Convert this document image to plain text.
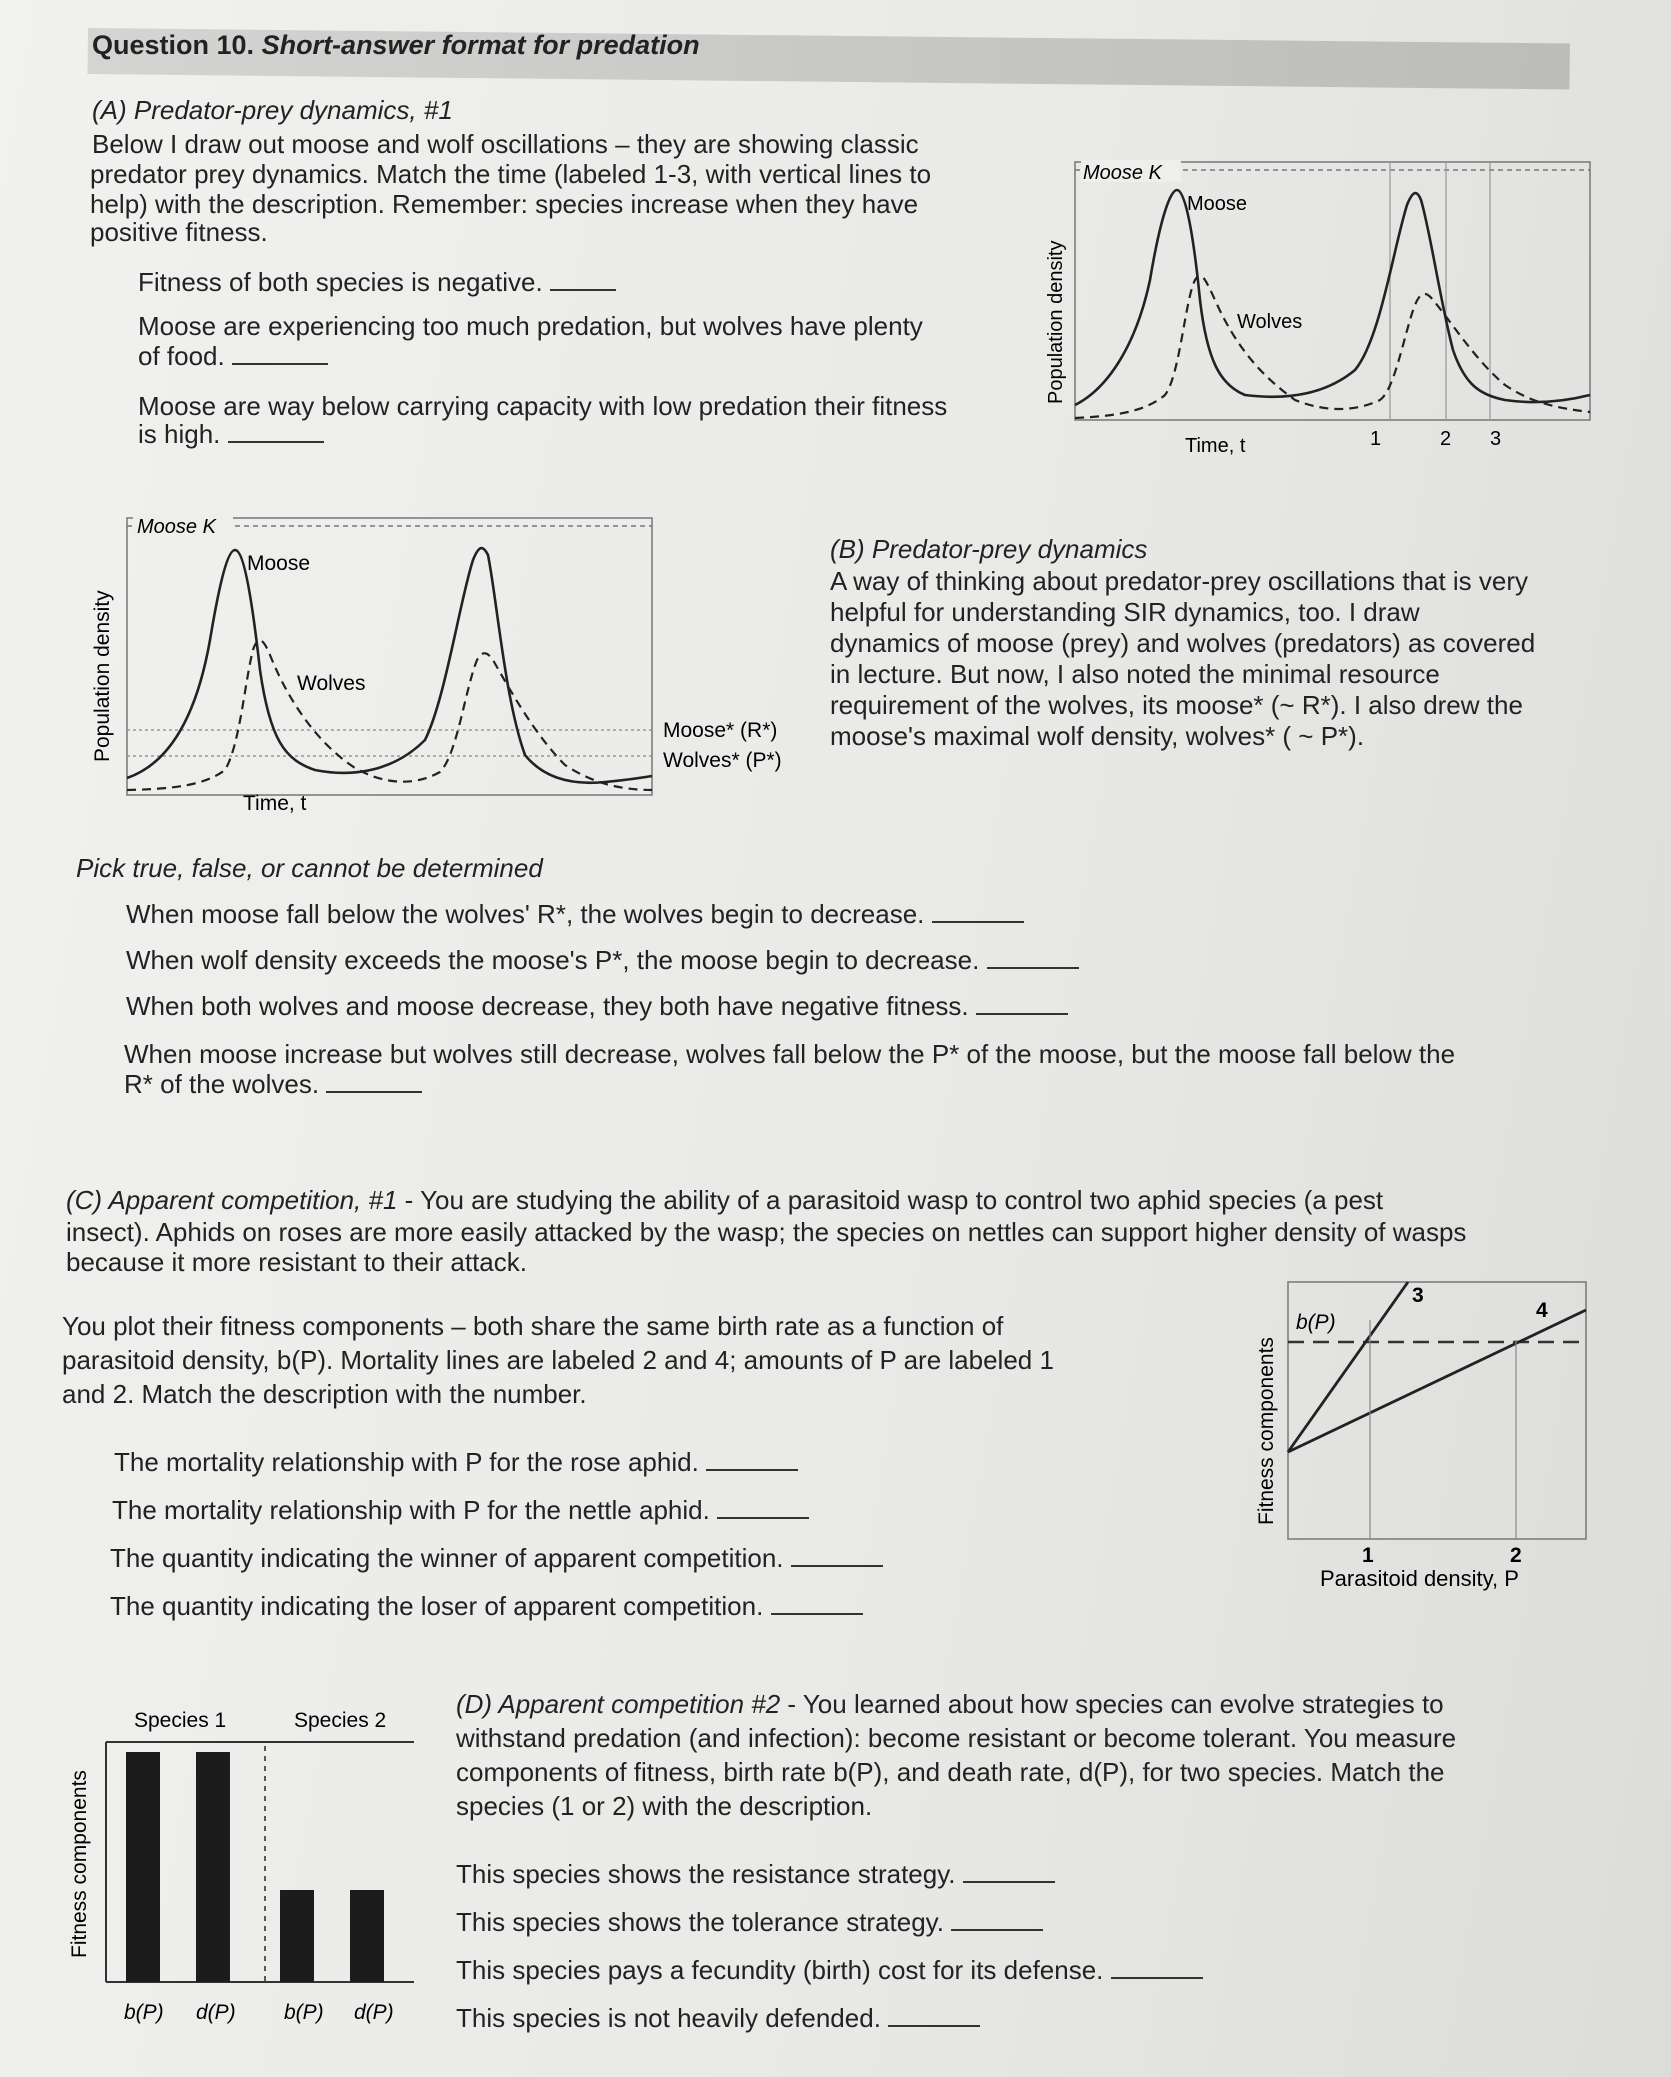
Question 10. Short-answer format for predation
(A) Predator-prey dynamics, #1
Below I draw out moose and wolf oscillations – they are showing classic
predator prey dynamics. Match the time (labeled 1-3, with vertical lines to
help) with the description. Remember: species increase when they have
positive fitness.
Fitness of both species is negative.
Moose are experiencing too much predation, but wolves have plenty
of food.
Moose are way below carrying capacity with low predation their fitness
is high.
Moose K
Moose
Wolves
Population density
Time, t	1	2 3
Moose K
Moose
Wolves
Population density
Time, t
Moose* (R*)
Wolves* (P*)
(B) Predator-prey dynamics
A way of thinking about predator-prey oscillations that is very
helpful for understanding SIR dynamics, too. I draw
dynamics of moose (prey) and wolves (predators) as covered
in lecture. But now, I also noted the minimal resource
requirement of the wolves, its moose* (~ R*). I also drew the
moose's maximal wolf density, wolves* ( ~ P*).
Pick true, false, or cannot be determined
When moose fall below the wolves' R*, the wolves begin to decrease.
When wolf density exceeds the moose's P*, the moose begin to decrease.
When both wolves and moose decrease, they both have negative fitness.
When moose increase but wolves still decrease, wolves fall below the P* of the moose, but the moose fall below the
R* of the wolves.
(C) Apparent competition, #1 - You are studying the ability of a parasitoid wasp to control two aphid species (a pest
insect). Aphids on roses are more easily attacked by the wasp; the species on nettles can support higher density of wasps
because it more resistant to their attack.
You plot their fitness components – both share the same birth rate as a function of
parasitoid density, b(P). Mortality lines are labeled 2 and 4; amounts of P are labeled 1
and 2. Match the description with the number.
The mortality relationship with P for the rose aphid.
The mortality relationship with P for the nettle aphid.
The quantity indicating the winner of apparent competition.
The quantity indicating the loser of apparent competition.
b(P)
3
4
1	2
Parasitoid density, P
Fitness components
Species 1	Species 2
Fitness components
b(P) d(P) b(P) d(P)
(D) Apparent competition #2 - You learned about how species can evolve strategies to
withstand predation (and infection): become resistant or become tolerant. You measure
components of fitness, birth rate b(P), and death rate, d(P), for two species. Match the
species (1 or 2) with the description.
This species shows the resistance strategy.
This species shows the tolerance strategy.
This species pays a fecundity (birth) cost for its defense.
This species is not heavily defended.
